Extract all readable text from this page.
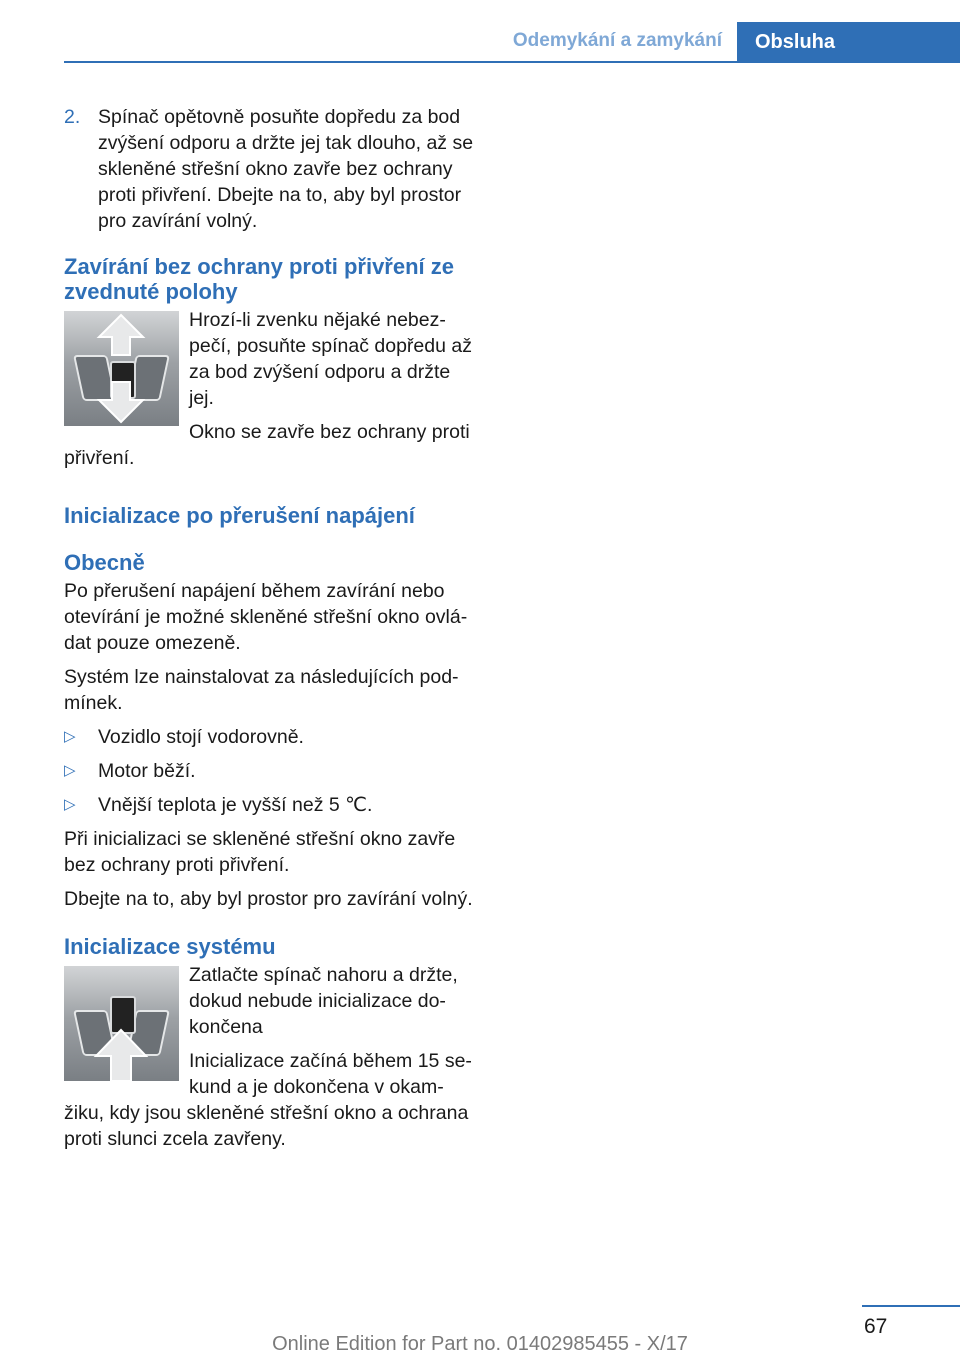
Odemykání a zamykání	Obsluha

2. Spínač opětovně posuňte dopředu za bod zvýšení odporu a držte jej tak dlouho, až se skleněné střešní okno zavře bez ochrany proti přivření. Dbejte na to, aby byl prostor pro zavírání volný.

Zavírání bez ochrany proti přivření ze zvednuté polohy

Hrozí-li zvenku nějaké nebez- pečí, posuňte spínač dopředu až za bod zvýšení odporu a držte jej.

Okno se zavře bez ochrany proti přivření.

Inicializace po přerušení napájení
Obecně

Po přerušení napájení během zavírání nebo otevírání je možné skleněné střešní okno ovlá- dat pouze omezeně.

Systém lze nainstalovat za následujících pod- mínek.

▷ Vozidlo stojí vodorovně.
▷ Motor běží.
▷ Vnější teplota je vyšší než 5 ℃.

Při inicializaci se skleněné střešní okno zavře bez ochrany proti přivření.

Dbejte na to, aby byl prostor pro zavírání volný.

Inicializace systému

Zatlačte spínač nahoru a držte, dokud nebude inicializace do- končena

Inicializace začíná během 15 se- kund a je dokončena v okam- žiku, kdy jsou skleněné střešní okno a ochrana proti slunci zcela zavřeny.

67
Online Edition for Part no. 01402985455 - X/17
